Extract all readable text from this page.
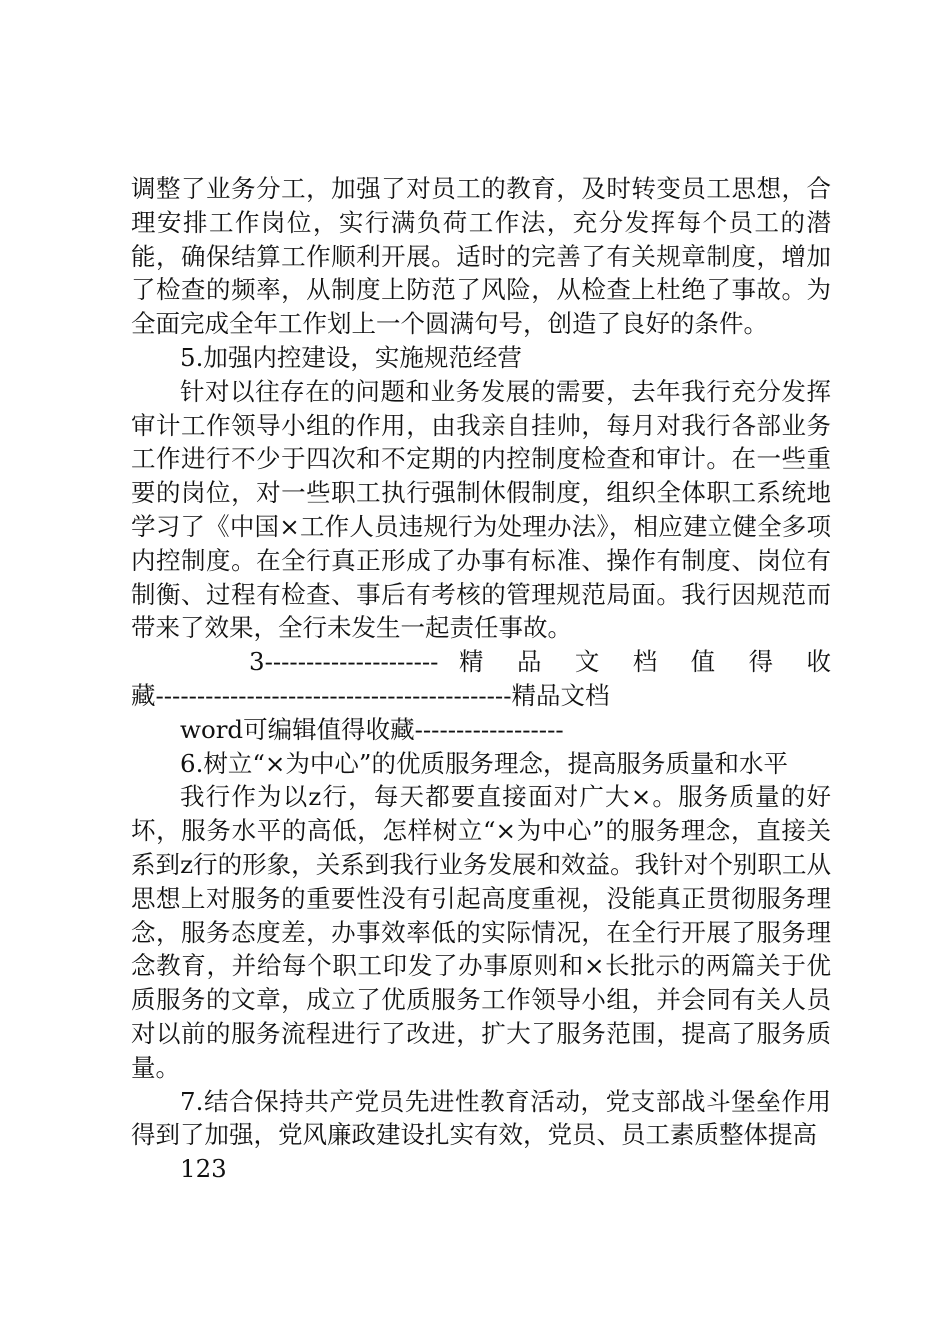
调整了业务分工，加强了对员工的教育，及时转变员工思想，合理安排工作岗位，实行满负荷工作法，充分发挥每个员工的潜能，确保结算工作顺利开展。适时的完善了有关规章制度，增加了检查的频率，从制度上防范了风险，从检查上杜绝了事故。为全面完成全年工作划上一个圆满句号，创造了良好的条件。

5.加强内控建设，实施规范经营

针对以往存在的问题和业务发展的需要，去年我行充分发挥审计工作领导小组的作用，由我亲自挂帅，每月对我行各部业务工作进行不少于四次和不定期的内控制度检查和审计。在一些重要的岗位，对一些职工执行强制休假制度，组织全体职工系统地学习了《中国×工作人员违规行为处理办法》，相应建立健全多项内控制度。在全行真正形成了办事有标准、操作有制度、岗位有制衡、过程有检查、事后有考核的管理规范局面。我行因规范而带来了效果，全行未发生一起责任事故。

3--------------------- 精 品 文 档 值 得 收

藏-------------------------------------------精品文档

word可编辑值得收藏------------------

6.树立“×为中心”的优质服务理念，提高服务质量和水平

我行作为以z行，每天都要直接面对广大×。服务质量的好坏，服务水平的高低，怎样树立“×为中心”的服务理念，直接关系到z行的形象，关系到我行业务发展和效益。我针对个别职工从思想上对服务的重要性没有引起高度重视，没能真正贯彻服务理念，服务态度差，办事效率低的实际情况，在全行开展了服务理念教育，并给每个职工印发了办事原则和×长批示的两篇关于优质服务的文章，成立了优质服务工作领导小组，并会同有关人员对以前的服务流程进行了改进，扩大了服务范围，提高了服务质量。

7.结合保持共产党员先进性教育活动，党支部战斗堡垒作用得到了加强，党风廉政建设扎实有效，党员、员工素质整体提高

123
